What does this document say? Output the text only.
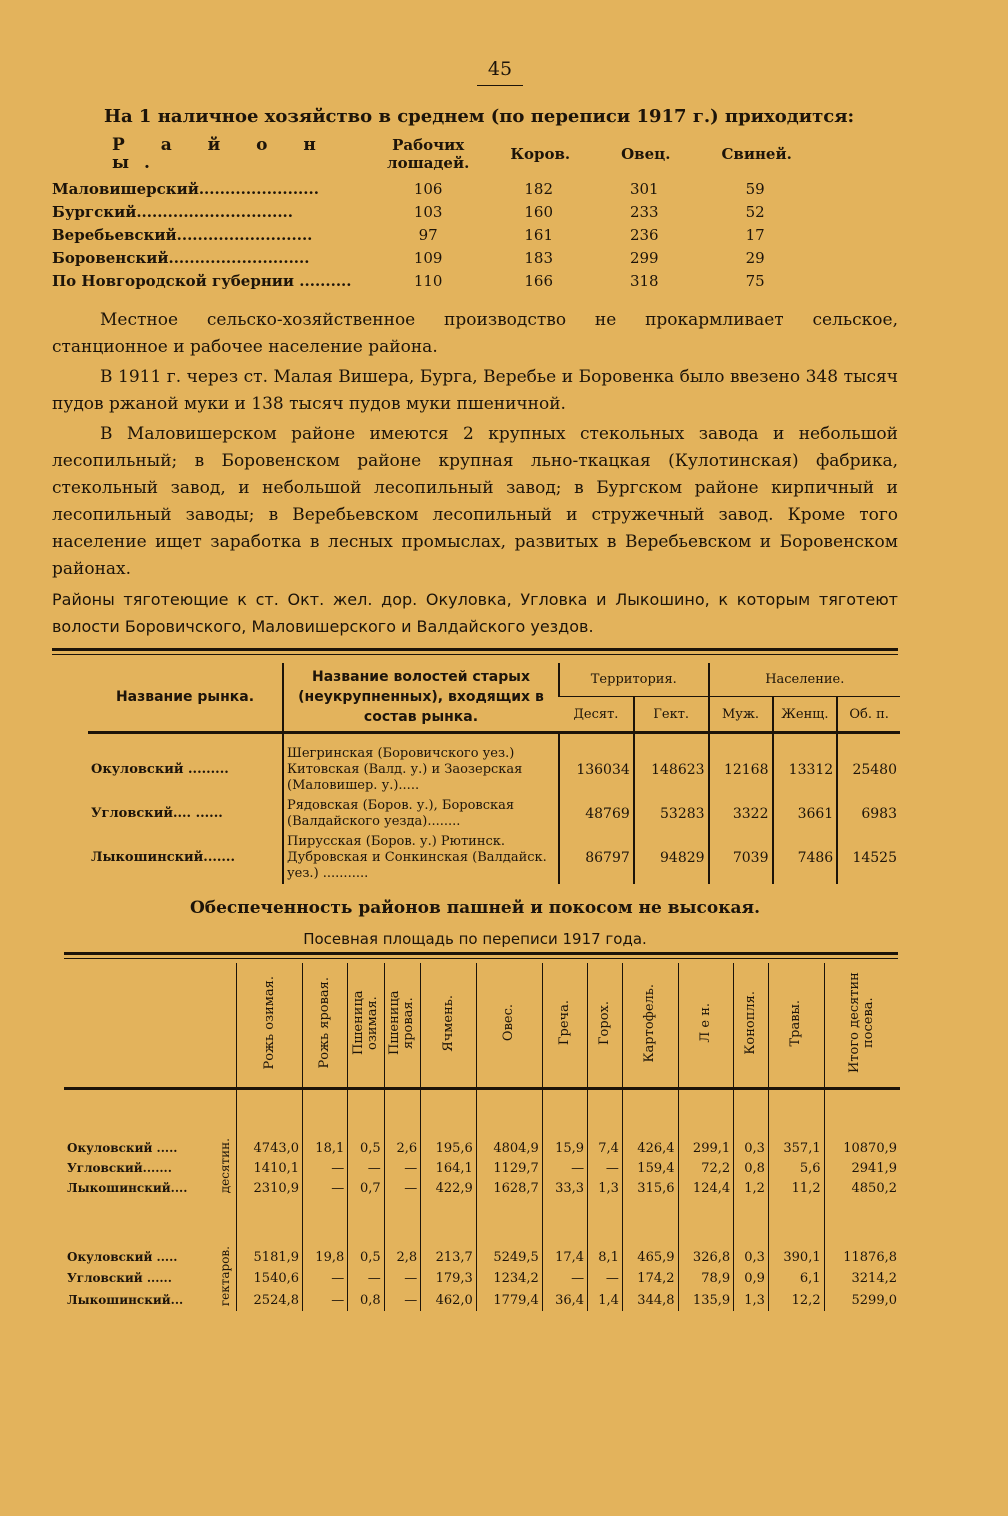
45
На 1 наличное хозяйство в среднем (по переписи 1917 г.) приходится:
Р а й о н ы.	Рабочих
лошадей.	Коров.	Овец.	Свиней.
Маловишерский.......................	106	182	301	59
Бургский..............................	103	160	233	52
Веребьевский..........................	97	161	236	17
Боровенский...........................	109	183	299	29
По Новгородской губернии ..........	110	166	318	75

Местное сельско-хозяйственное производство не прокармливает сельское, станционное и рабочее население района.

В 1911 г. через ст. Малая Вишера, Бурга, Веребье и Боровенка было ввезено 348 тысяч пудов ржаной муки и 138 тысяч пудов муки пшеничной.

В Маловишерском районе имеются 2 крупных стекольных завода и небольшой лесопильный; в Боровенском районе крупная льно-ткацкая (Кулотинская) фабрика, стекольный завод, и небольшой лесопильный завод; в Бургском районе кирпичный и лесопильный заводы; в Веребьевском лесопильный и стружечный завод. Кроме того население ищет заработка в лесных промыслах, развитых в Веребьевском и Боровенском районах.

Районы тяготеющие к ст. Окт. жел. дор. Окуловка, Угловка и Лыкошино, к которым тяготеют волости Боровичского, Маловишерского и Валдайского уездов.

Название рынка.	Название волостей старых (неукрупненных), входящих в состав рынка.	Территория.		Население.		
		Десят.	Гект.	Муж.	Женщ.	Об. п.
Окуловский .........	Шегринская (Боровичского уез.) Китовская (Валд. у.) и Заозерская (Маловишер. у.).....	136034	148623	12168	13312	25480
Угловский.... ......	Рядовская (Боров. у.), Боровская (Валдайского уезда)........	48769	53283	3322	3661	6983
Лыкошинский.......	Пирусская (Боров. у.) Рютинск. Дубровская и Сонкинская (Валдайск. уез.) ...........	86797	94829	7039	7486	14525
Обеспеченность районов пашней и покосом не высокая.
Посевная площадь по переписи 1917 года.
		Рожь озимая.	Рожь яровая.	Пшеница озимая.	Пшеница яровая.	Ячмень.	Овес.	Греча.	Горох.	Картофель.	Л е н.	Конопля.	Травы.	Итого десятин посева.

Окуловский .....	десятин.	4743,0	18,1	0,5	2,6	195,6	4804,9	15,9	7,4	426,4	299,1	0,3	357,1	10870,9
Угловский.......		1410,1	—	—	—	164,1	1129,7	—	—	159,4	72,2	0,8	5,6	2941,9
Лыкошинский....		2310,9	—	0,7	—	422,9	1628,7	33,3	1,3	315,6	124,4	1,2	11,2	4850,2

Окуловский .....	гектаров.	5181,9	19,8	0,5	2,8	213,7	5249,5	17,4	8,1	465,9	326,8	0,3	390,1	11876,8
Угловский ......		1540,6	—	—	—	179,3	1234,2	—	—	174,2	78,9	0,9	6,1	3214,2
Лыкошинский...		2524,8	—	0,8	—	462,0	1779,4	36,4	1,4	344,8	135,9	1,3	12,2	5299,0
